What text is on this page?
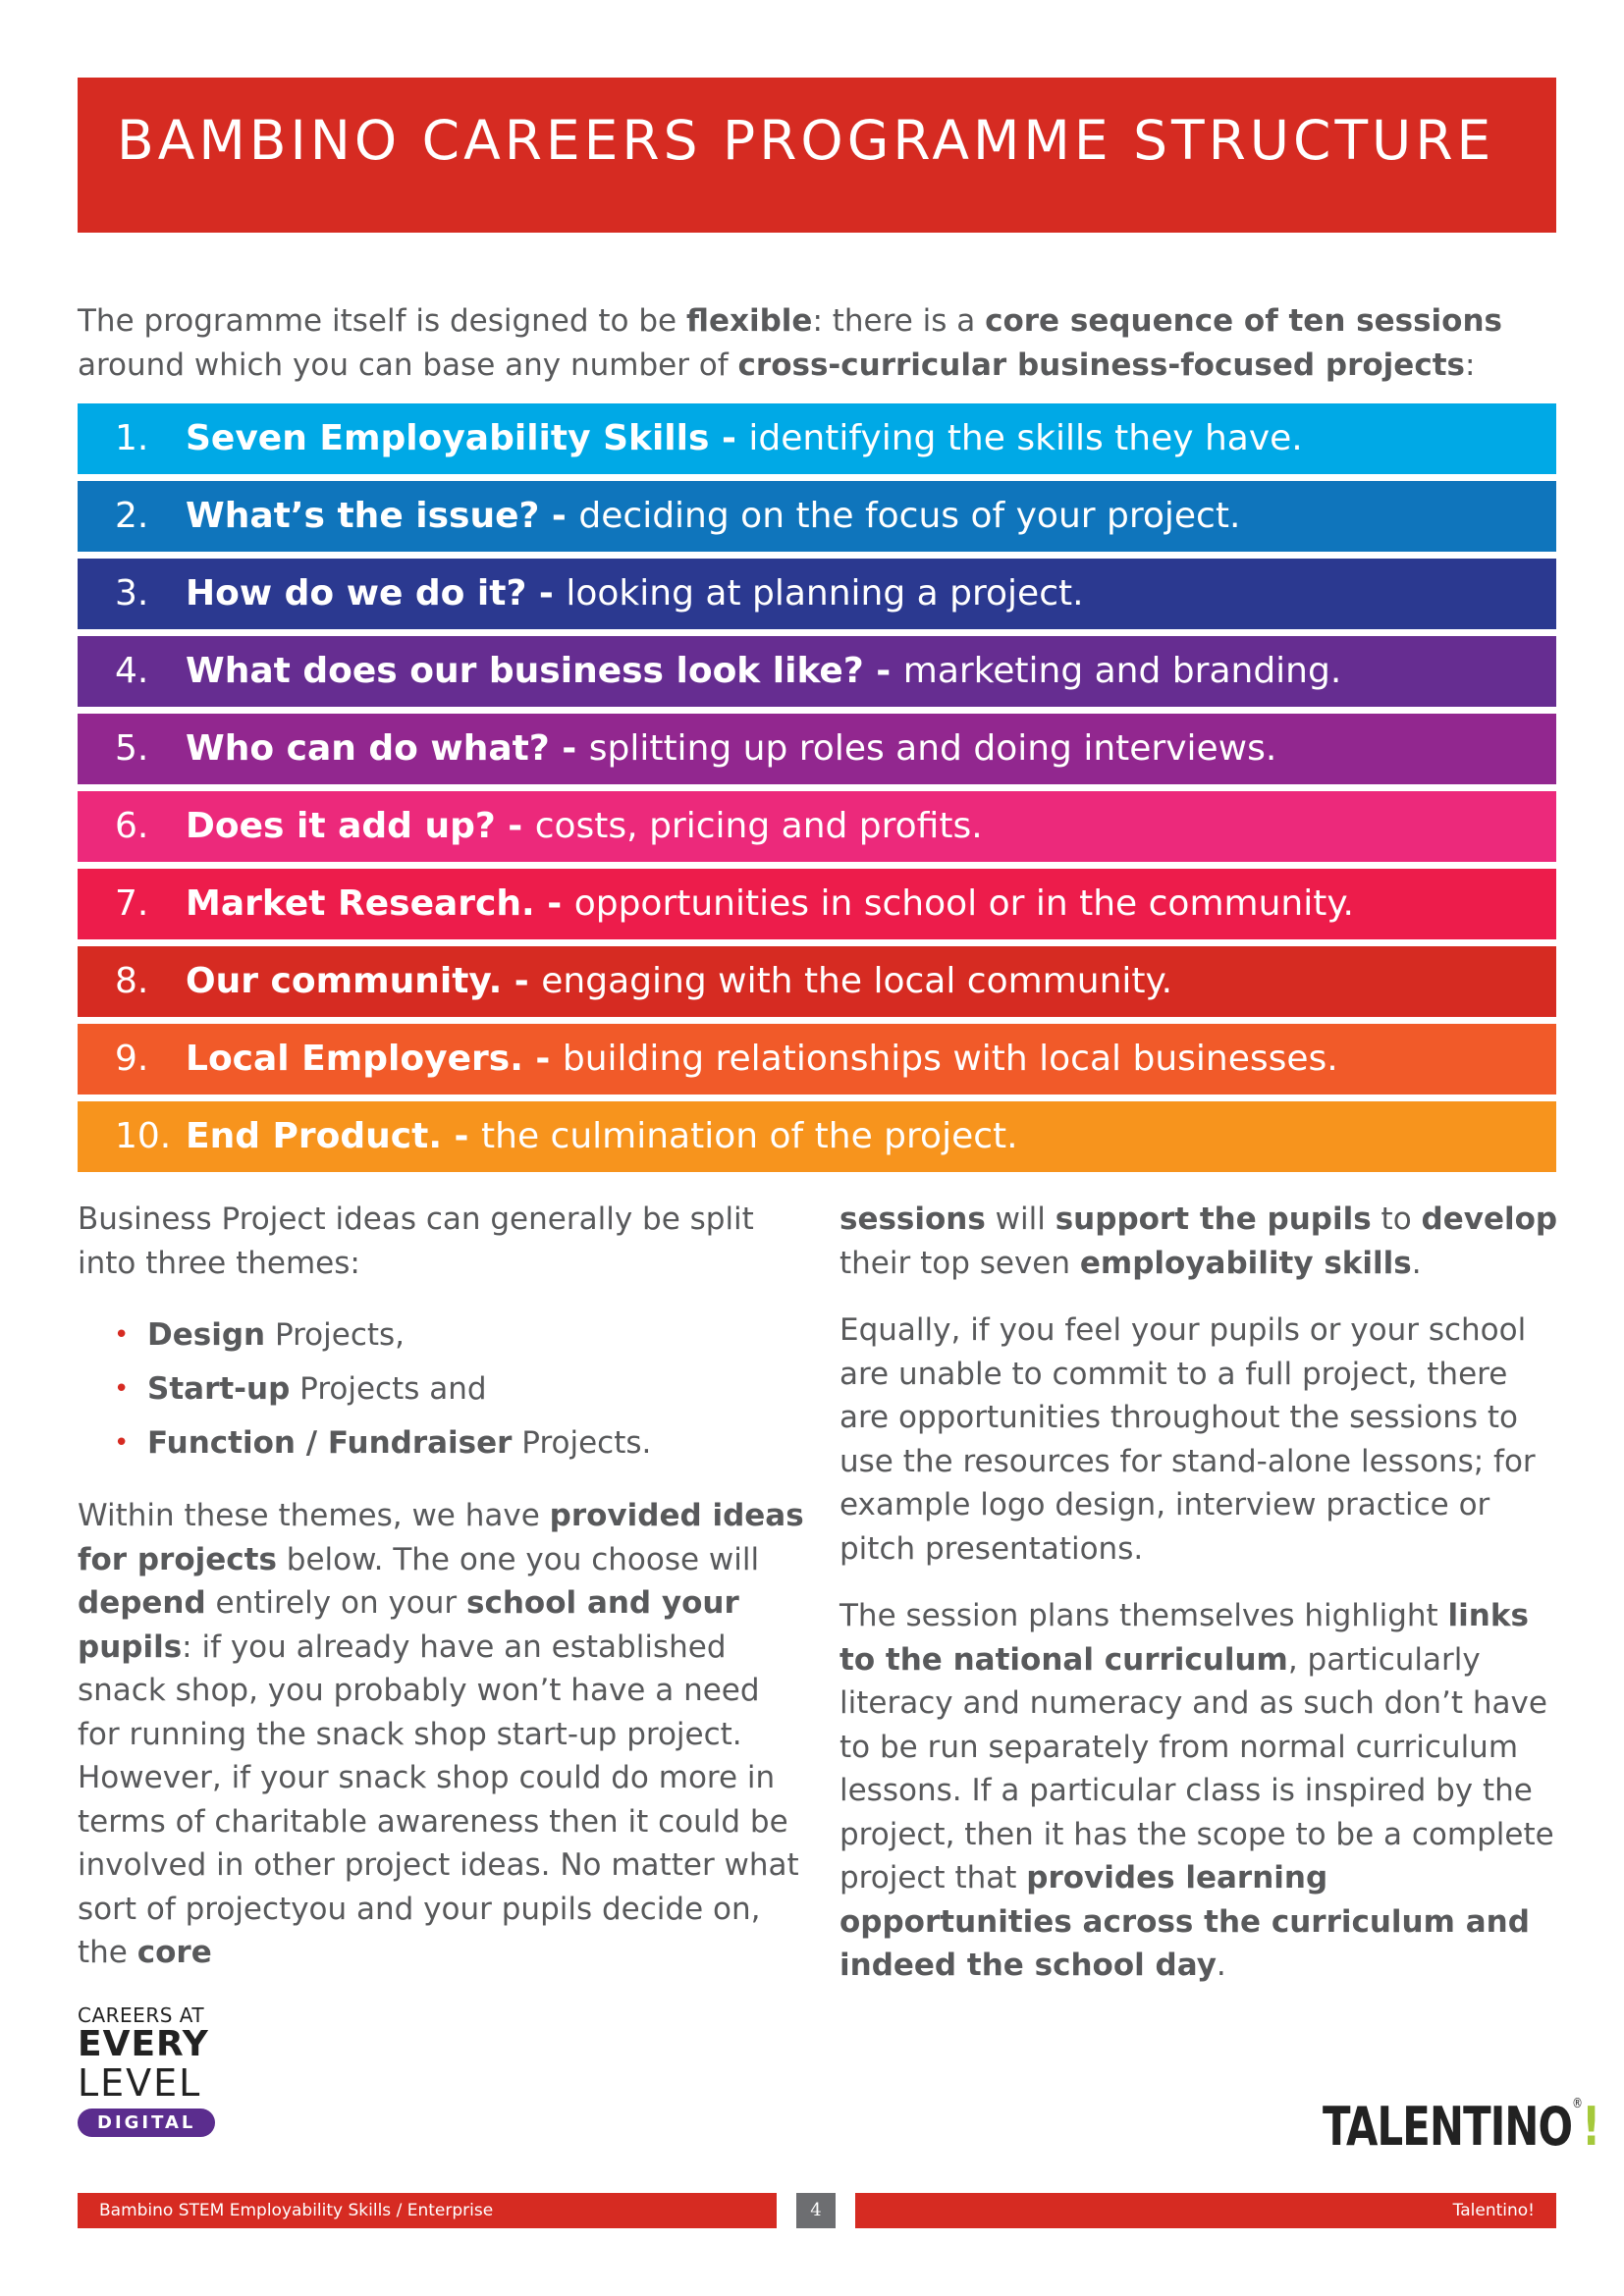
BAMBINO CAREERS PROGRAMME STRUCTURE

The programme itself is designed to be flexible: there is a core sequence of ten sessions around which you can base any number of cross-curricular business-focused projects:

1. Seven Employability Skills - identifying the skills they have.
2. What’s the issue? - deciding on the focus of your project.
3. How do we do it? - looking at planning a project.
4. What does our business look like? - marketing and branding.
5. Who can do what? - splitting up roles and doing interviews.
6. Does it add up? - costs, pricing and profits.
7. Market Research. - opportunities in school or in the community.
8. Our community. - engaging with the local community.
9. Local Employers. - building relationships with local businesses.
10. End Product. - the culmination of the project.

Business Project ideas can generally be split into three themes:

• Design Projects,
• Start-up Projects and
• Function / Fundraiser Projects.

Within these themes, we have provided ideas for projects below. The one you choose will depend entirely on your school and your pupils: if you already have an established snack shop, you probably won’t have a need for running the snack shop start-up project. However, if your snack shop could do more in terms of charitable awareness then it could be involved in other project ideas. No matter what sort of projectyou and your pupils decide on, the core

sessions will support the pupils to develop their top seven employability skills.

Equally, if you feel your pupils or your school are unable to commit to a full project, there are opportunities throughout the sessions to use the resources for stand-alone lessons; for example logo design, interview practice or pitch presentations.

The session plans themselves highlight links to the national curriculum, particularly literacy and numeracy and as such don’t have to be run separately from normal curriculum lessons. If a particular class is inspired by the project, then it has the scope to be a complete project that provides learning opportunities across the curriculum and indeed the school day.

CAREERS AT
EVERY
LEVEL
DIGITAL	TALENTINO®!
Bambino STEM Employability Skills / Enterprise	4	Talentino!
